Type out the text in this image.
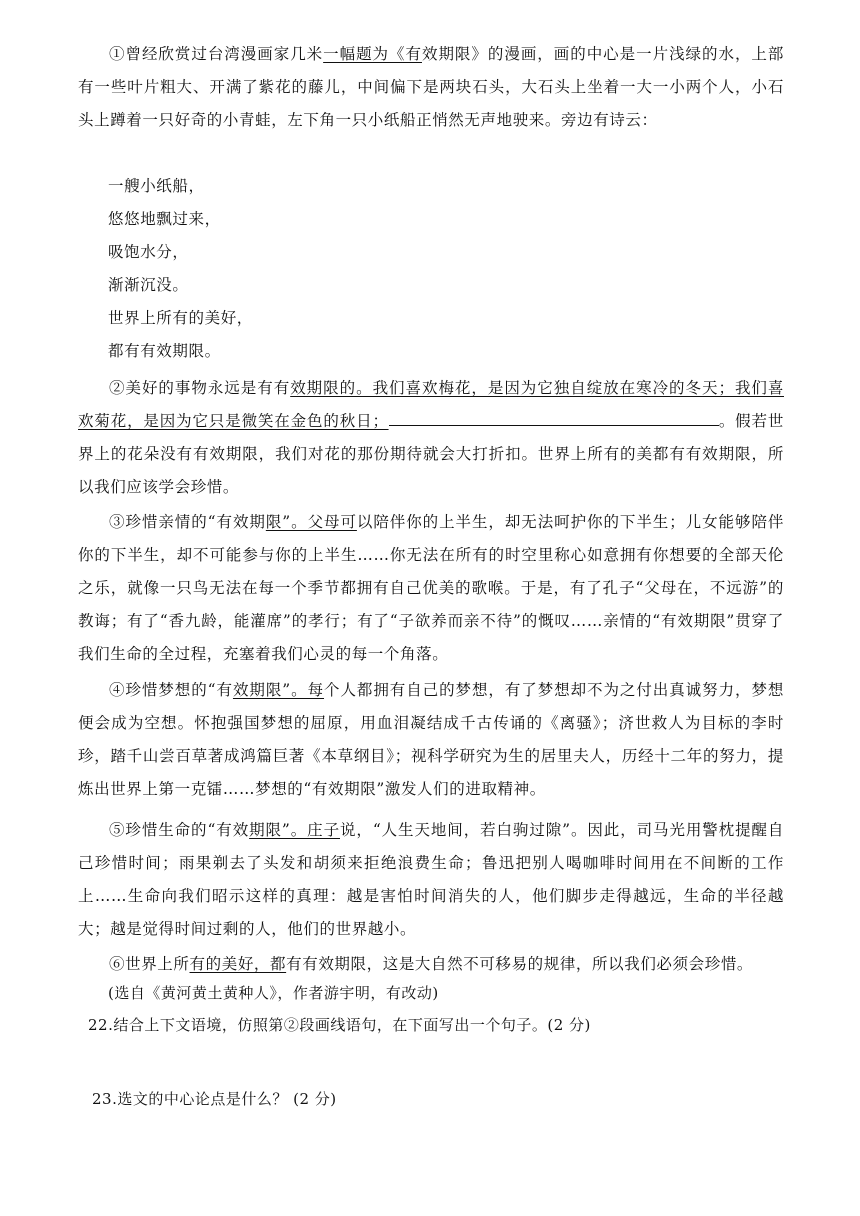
①曾经欣赏过台湾漫画家几米一幅题为《有效期限》的漫画，画的中心是一片浅绿的水，上部有一些叶片粗大、开满了紫花的藤儿，中间偏下是两块石头，大石头上坐着一大一小两个人，小石头上蹲着一只好奇的小青蛙，左下角一只小纸船正悄然无声地驶来。旁边有诗云：

一艘小纸船，
悠悠地飘过来，
吸饱水分，
渐渐沉没。
世界上所有的美好，
都有有效期限。

②美好的事物永远是有有效期限的。我们喜欢梅花，是因为它独自绽放在寒冷的冬天；我们喜欢菊花，是因为它只是微笑在金色的秋日；	。假若世界上的花朵没有有效期限，我们对花的那份期待就会大打折扣。世界上所有的美都有有效期限，所以我们应该学会珍惜。

③珍惜亲情的“有效期限”。父母可以陪伴你的上半生，却无法呵护你的下半生；儿女能够陪伴你的下半生，却不可能参与你的上半生……你无法在所有的时空里称心如意拥有你想要的全部天伦之乐，就像一只鸟无法在每一个季节都拥有自己优美的歌喉。于是，有了孔子“父母在，不远游”的教诲；有了“香九龄，能灌席”的孝行；有了“子欲养而亲不待”的慨叹……亲情的“有效期限”贯穿了我们生命的全过程，充塞着我们心灵的每一个角落。

④珍惜梦想的“有效期限”。每个人都拥有自己的梦想，有了梦想却不为之付出真诚努力，梦想便会成为空想。怀抱强国梦想的屈原，用血泪凝结成千古传诵的《离骚》；济世救人为目标的李时珍，踏千山尝百草著成鸿篇巨著《本草纲目》；视科学研究为生的居里夫人，历经十二年的努力，提炼出世界上第一克镭……梦想的“有效期限”激发人们的进取精神。

⑤珍惜生命的“有效期限”。庄子说，“人生天地间，若白驹过隙”。因此，司马光用警枕提醒自己珍惜时间；雨果剃去了头发和胡须来拒绝浪费生命；鲁迅把别人喝咖啡时间用在不间断的工作上……生命向我们昭示这样的真理：越是害怕时间消失的人，他们脚步走得越远，生命的半径越大；越是觉得时间过剩的人，他们的世界越小。

⑥世界上所有的美好，都有有效期限，这是大自然不可移易的规律，所以我们必须会珍惜。

(选自《黄河黄土黄种人》，作者游宇明，有改动)

22.结合上下文语境，仿照第②段画线语句，在下面写出一个句子。(2 分)

23.选文的中心论点是什么？ (2 分)
